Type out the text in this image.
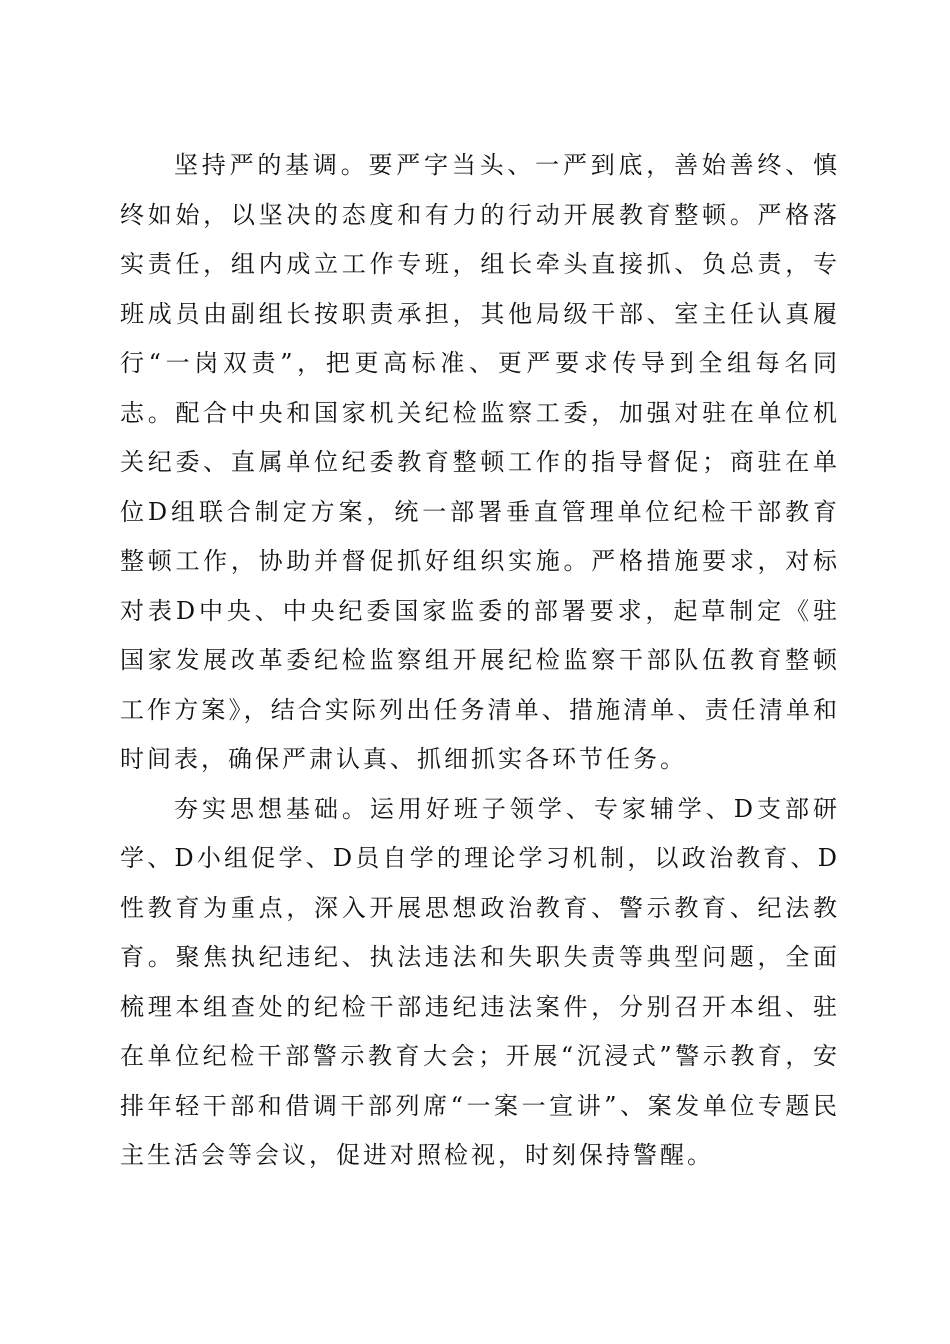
坚持严的基调。要严字当头、一严到底，善始善终、慎终如始，以坚决的态度和有力的行动开展教育整顿。严格落实责任，组内成立工作专班，组长牵头直接抓、负总责，专班成员由副组长按职责承担，其他局级干部、室主任认真履行“一岗双责”，把更高标准、更严要求传导到全组每名同志。配合中央和国家机关纪检监察工委，加强对驻在单位机关纪委、直属单位纪委教育整顿工作的指导督促；商驻在单位D组联合制定方案，统一部署垂直管理单位纪检干部教育整顿工作，协助并督促抓好组织实施。严格措施要求，对标对表D中央、中央纪委国家监委的部署要求，起草制定《驻国家发展改革委纪检监察组开展纪检监察干部队伍教育整顿工作方案》，结合实际列出任务清单、措施清单、责任清单和时间表，确保严肃认真、抓细抓实各环节任务。

夯实思想基础。运用好班子领学、专家辅学、D支部研学、D小组促学、D员自学的理论学习机制，以政治教育、D性教育为重点，深入开展思想政治教育、警示教育、纪法教育。聚焦执纪违纪、执法违法和失职失责等典型问题，全面梳理本组查处的纪检干部违纪违法案件，分别召开本组、驻在单位纪检干部警示教育大会；开展“沉浸式”警示教育，安排年轻干部和借调干部列席“一案一宣讲”、案发单位专题民主生活会等会议，促进对照检视，时刻保持警醒。
